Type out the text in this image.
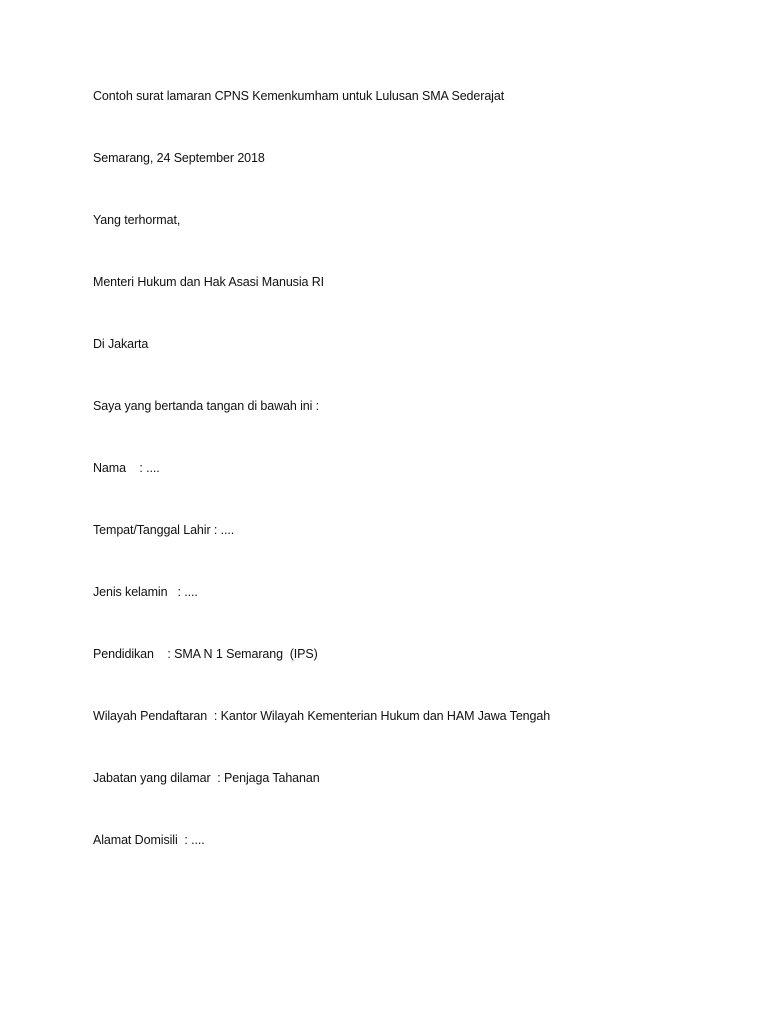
Contoh surat lamaran CPNS Kemenkumham untuk Lulusan SMA Sederajat
Semarang, 24 September 2018
Yang terhormat,
Menteri Hukum dan Hak Asasi Manusia RI
Di Jakarta
Saya yang bertanda tangan di bawah ini :
Nama    : ....
Tempat/Tanggal Lahir : ....
Jenis kelamin   : ....
Pendidikan    : SMA N 1 Semarang  (IPS)
Wilayah Pendaftaran  : Kantor Wilayah Kementerian Hukum dan HAM Jawa Tengah
Jabatan yang dilamar  : Penjaga Tahanan
Alamat Domisili  : ....
